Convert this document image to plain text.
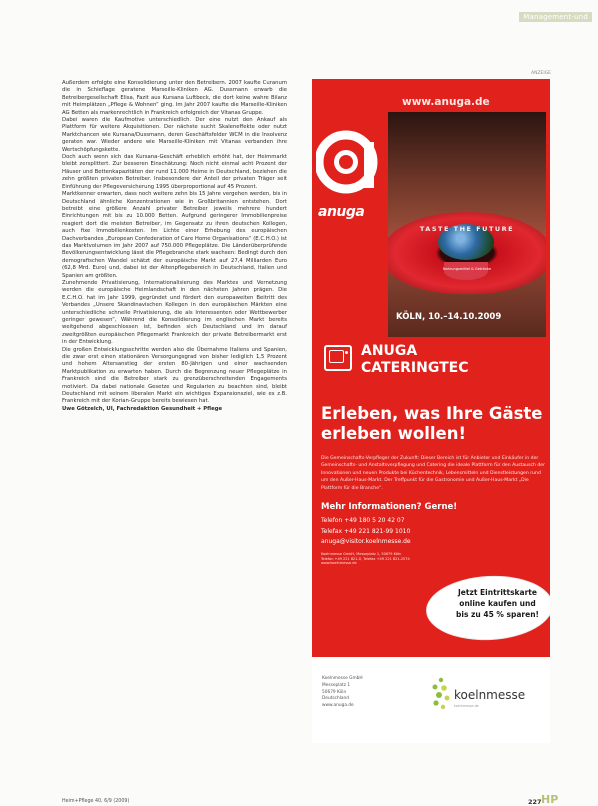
Management-und
ANZEIGE

Außerdem erfolgte eine Konsolidierung unter den Betreibern. 2007 kaufte Curanum die in Schieflage geratene Marseille-Kliniken AG. Dussmann erwarb die Betreibergesellschaft Elisa, Fazit aus Kursana Luftbeck, die dort keine wahre Bilanz mit Heimplätzen „Pflege & Wohnen“ ging. Im Jahr 2007 kaufte die Marseille-Kliniken AG Betten als markenrechtlich in Frankreich erfolgreich der Vitanas Gruppe.

Dabei waren die Kaufmotive unterschiedlich. Der eine nutzt den Ankauf als Plattform für weitere Akquisitionen. Der nächste sucht Skaleneffekte oder nutzt Marktchancen wie Kursana/Dussmann, deren Geschäftsfelder WCM in die Insolvenz geraten war. Wieder andere wie Marseille-Kliniken mit Vitanas verbanden ihre Wertschöpfungskette.

Doch auch wenn sich das Kursana-Geschäft erheblich erhöht hat, der Heimmarkt bleibt zersplittert. Zur besseren Einschätzung: Noch nicht einmal acht Prozent der Häuser und Bettenkapazitäten der rund 11.000 Heime in Deutschland, beziehen die zehn größten privaten Betreiber. Insbesondere der Anteil der privaten Träger seit Einführung der Pflegeversicherung 1995 überproportional auf 45 Prozent.

Marktkenner erwarten, dass noch weitere zehn bis 15 Jahre vergehen werden, bis in Deutschland ähnliche Konzentrationen wie in Großbritannien entstehen. Dort betreibt eine größere Anzahl privater Betreiber jeweils mehrere hundert Einrichtungen mit bis zu 10.000 Betten. Aufgrund geringerer Immobilienpreise reagiert dort die meisten Betreiber, im Gegensatz zu ihren deutschen Kollegen, auch fixe Immobilienkosten. Im Lichte einer Erhebung des europäischen Dachverbandes „European Confederation of Care Home Organisations“ (E.C.H.O.) ist das Marktvolumen im Jahr 2007 auf 750.000 Pflegeplätze. Die Länderüberprüfende Bevölkerungsentwicklung lässt die Pflegebranche stark wachsen: Bedingt durch den demografischen Wandel schätzt der europäische Markt auf 27,4 Milliarden Euro (62,8 Mrd. Euro) und, dabei ist der Altenpflegebereich in Deutschland, Italien und Spanien am größten.

Zunehmende Privatisierung, Internationalisierung des Marktes und Vernetzung werden die europäische Heimlandschaft in den nächsten Jahren prägen. Die E.C.H.O. hat im Jahr 1999, gegründet und fördert den europaweiten Beitritt des Verbandes „Unsere Skandinavischen Kollegen in den europäischen Märkten eine unterschiedliche schnelle Privatisierung, die als Interessenten oder Wettbewerber geringer gewesen“, Während die Konsolidierung im englischen Markt bereits weitgehend abgeschlossen ist, befinden sich Deutschland und im darauf zweitgrößten europäischen Pflegemarkt Frankreich der private Betreibermarkt erst in der Entwicklung.

Die großen Entwicklungsschritte werden also die Übernahme Italiens und Spanien, die zwar erst einen stationären Versorgungsgrad von bisher lediglich 1,5 Prozent und hohem Altersanstieg der ersten 80-Jährigen und einer wachsenden Marktpublikation zu erwarten haben. Durch die Begrenzung neuer Pflegeplätze in Frankreich sind die Betreiber stark zu grenzüberschreitenden Engagements motiviert. Da dabei nationale Gesetze und Regularien zu beachten sind, bleibt Deutschland mit seinem liberalen Markt ein wichtiges Expansionsziel, wie es z.B. Frankreich mit der Korian-Gruppe bereits bewiesen hat.

Uwe Götzelch, UI, Fachredaktion Gesundheit + Pflege

www.anuga.de
anuga
TASTE THE FUTURE
Nahrungsmittel & Getränke
KÖLN, 10.–14.10.2009
ANUGA
CATERINGTEC
Erleben, was Ihre Gäste erleben wollen!
Die Gemeinschafts-Verpfleger der Zukunft: Dieser Bereich ist für Anbieter und Einkäufer in der Gemeinschafts- und Anstaltsverpflegung und Catering die ideale Plattform für den Austausch der Innovationen und neuen Produkte bei Küchentechnik, Lebensmitteln und Dienstleistungen rund um den Außer-Haus-Markt. Der Treffpunkt für die Gastronomie und Außer-Haus-Markt „Die Plattform für die Branche“.
Mehr Informationen? Gerne!
Telefon +49 180 5 20 42 07
Telefax +49 221 821-99 1010
anuga@visitor.koelnmesse.de
Koelnmesse GmbH, Messeplatz 1, 50679 Köln
Telefon +49 221 821-0, Telefax +49 221 821-2574
www.koelnmesse.de
Jetzt Eintrittskarte
online kaufen und
bis zu 45 % sparen!
Koelnmesse GmbH
Messeplatz 1
50679 Köln
Deutschland
www.anuga.de
koelnmesse
koelnmesse.de
Heim+Pflege 40, 6/9 (2009)	227 HP
